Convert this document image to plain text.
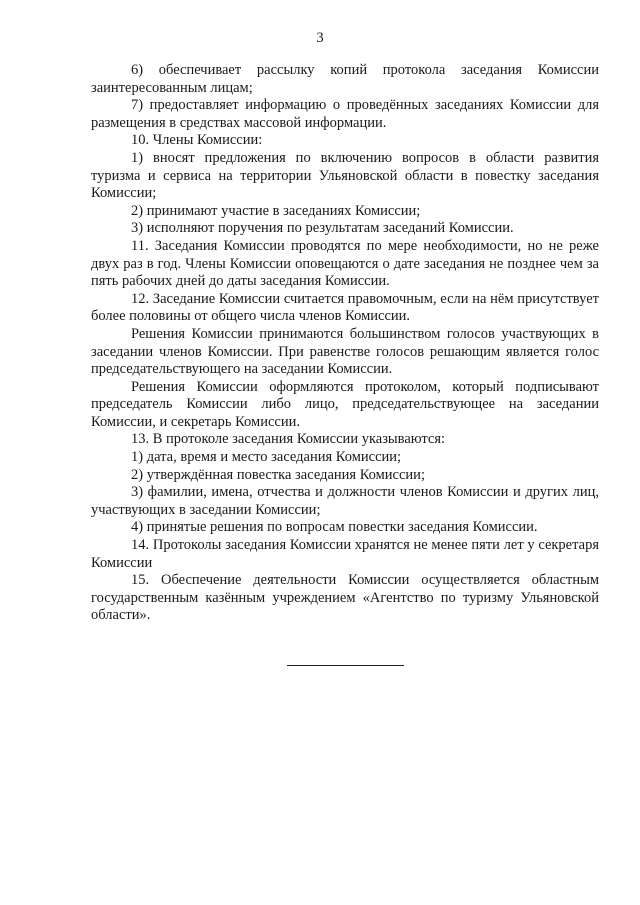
3

6) обеспечивает рассылку копий протокола заседания Комиссии заинтересованным лицам;

7) предоставляет информацию о проведённых заседаниях Комиссии для размещения в средствах массовой информации.

10. Члены Комиссии:

1) вносят предложения по включению вопросов в области развития туризма и сервиса на территории Ульяновской области в повестку заседания Комиссии;

2) принимают участие в заседаниях Комиссии;

3) исполняют поручения по результатам заседаний Комиссии.

11. Заседания Комиссии проводятся по мере необходимости, но не реже двух раз в год. Члены Комиссии оповещаются о дате заседания не позднее чем за пять рабочих дней до даты заседания Комиссии.

12. Заседание Комиссии считается правомочным, если на нём присутствует более половины от общего числа членов Комиссии.

Решения Комиссии принимаются большинством голосов участвующих в заседании членов Комиссии. При равенстве голосов решающим является голос председательствующего на заседании Комиссии.

Решения Комиссии оформляются протоколом, который подписывают председатель Комиссии либо лицо, председательствующее на заседании Комиссии, и секретарь Комиссии.

13. В протоколе заседания Комиссии указываются:

1) дата, время и место заседания Комиссии;

2) утверждённая повестка заседания Комиссии;

3) фамилии, имена, отчества и должности членов Комиссии и других лиц, участвующих в заседании Комиссии;

4) принятые решения по вопросам повестки заседания Комиссии.

14. Протоколы заседания Комиссии хранятся не менее пяти лет у секретаря Комиссии

15. Обеспечение деятельности Комиссии осуществляется областным государственным казённым учреждением «Агентство по туризму Ульяновской области».
